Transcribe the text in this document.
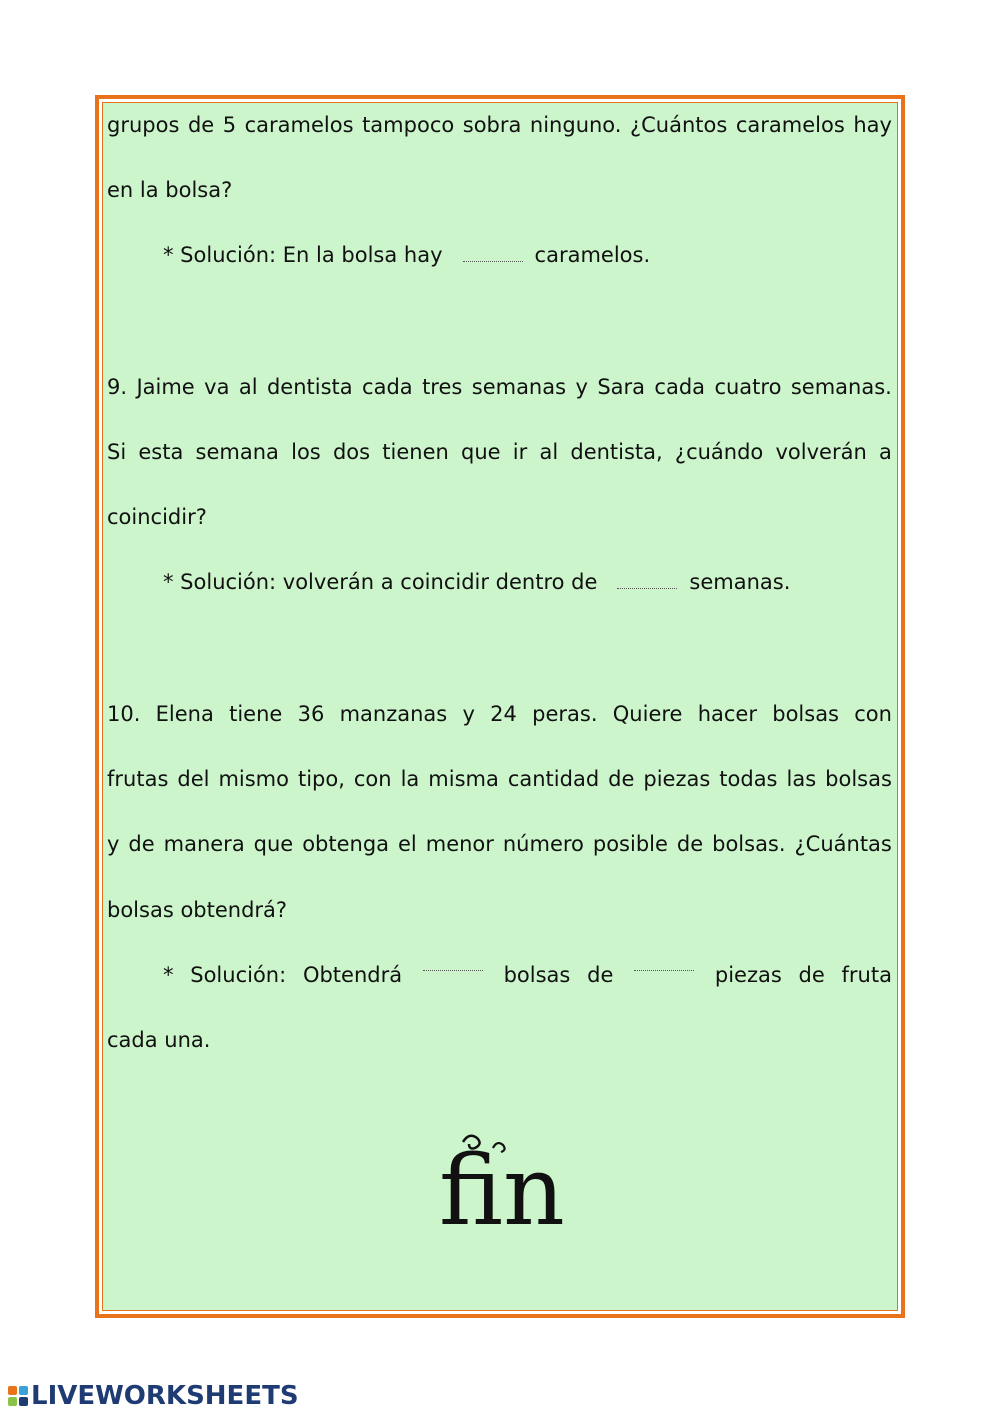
grupos de 5 caramelos tampoco sobra ninguno. ¿Cuántos caramelos hay
en la bolsa?
* Solución: En la bolsa hay	caramelos.
9. Jaime va al dentista cada tres semanas y Sara cada cuatro semanas.
Si esta semana los dos tienen que ir al dentista, ¿cuándo volverán a
coincidir?
* Solución: volverán a coincidir dentro de	semanas.
10. Elena tiene 36 manzanas y 24 peras. Quiere hacer bolsas con
frutas del mismo tipo, con la misma cantidad de piezas todas las bolsas
y de manera que obtenga el menor número posible de bolsas. ¿Cuántas
bolsas obtendrá?
* Solución: Obtendrá	bolsas de	piezas de fruta
cada una.
fin
LIVEWORKSHEETS
